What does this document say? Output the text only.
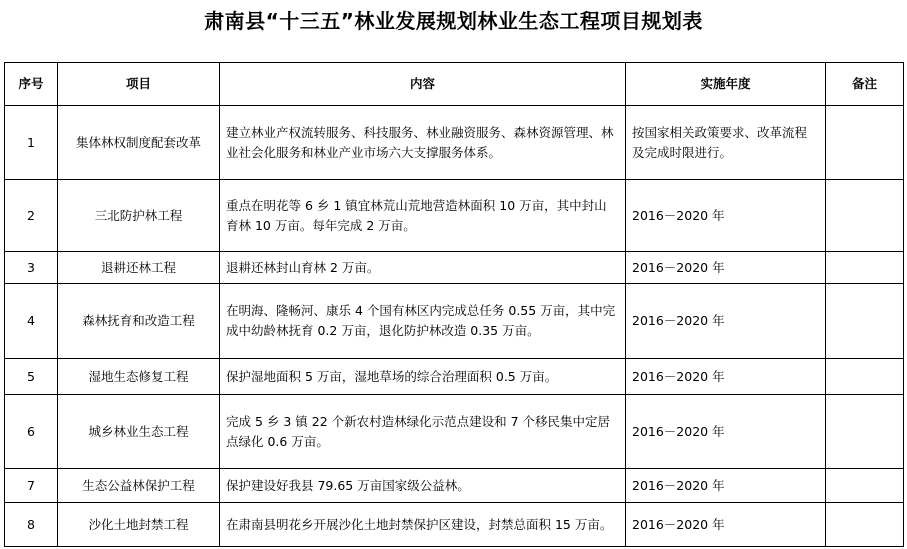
肃南县“十三五”林业发展规划林业生态工程项目规划表
序号	项目	内容	实施年度	备注
1	集体林权制度配套改革	建立林业产权流转服务、科技服务、林业融资服务、森林资源管理、林业社会化服务和林业产业市场六大支撑服务体系。	按国家相关政策要求、改革流程及完成时限进行。	
2	三北防护林工程	重点在明花等 6 乡 1 镇宜林荒山荒地营造林面积 10 万亩，其中封山育林 10 万亩。每年完成 2 万亩。	2016－2020 年	
3	退耕还林工程	退耕还林封山育林 2 万亩。	2016－2020 年	
4	森林抚育和改造工程	在明海、隆畅河、康乐 4 个国有林区内完成总任务 0.55 万亩，其中完成中幼龄林抚育 0.2 万亩，退化防护林改造 0.35 万亩。	2016－2020 年	
5	湿地生态修复工程	保护湿地面积 5 万亩，湿地草场的综合治理面积 0.5 万亩。	2016－2020 年	
6	城乡林业生态工程	完成 5 乡 3 镇 22 个新农村造林绿化示范点建设和 7 个移民集中定居点绿化 0.6 万亩。	2016－2020 年	
7	生态公益林保护工程	保护建设好我县 79.65 万亩国家级公益林。	2016－2020 年	
8	沙化土地封禁工程	在肃南县明花乡开展沙化土地封禁保护区建设，封禁总面积 15 万亩。	2016－2020 年	
